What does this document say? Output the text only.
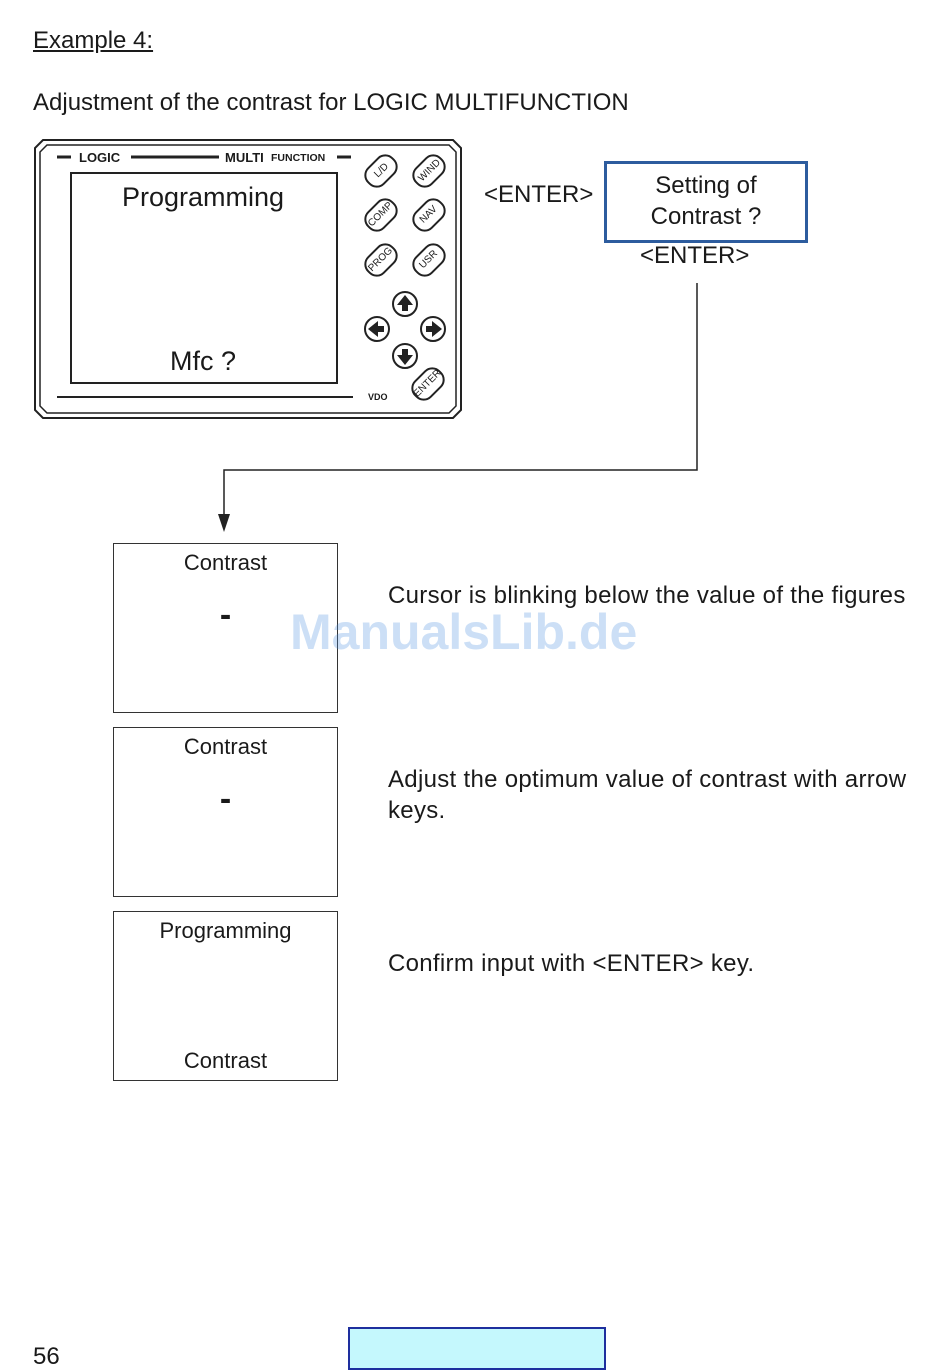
Example 4:
Adjustment of the contrast for LOGIC MULTIFUNCTION
LOGIC	MULTI FUNCTION
VDO
Programming
Mfc ?
L/D	WIND
COMP NAV
PROG USR
ENTER
<ENTER>	Setting of
Contrast ?
<ENTER>
Contrast
-
Cursor is blinking below the value of the figures
Contrast
-
Adjust the optimum value of contrast with arrow keys.
Programming
Contrast
Confirm input with <ENTER> key.
ManualsLib.de
56
